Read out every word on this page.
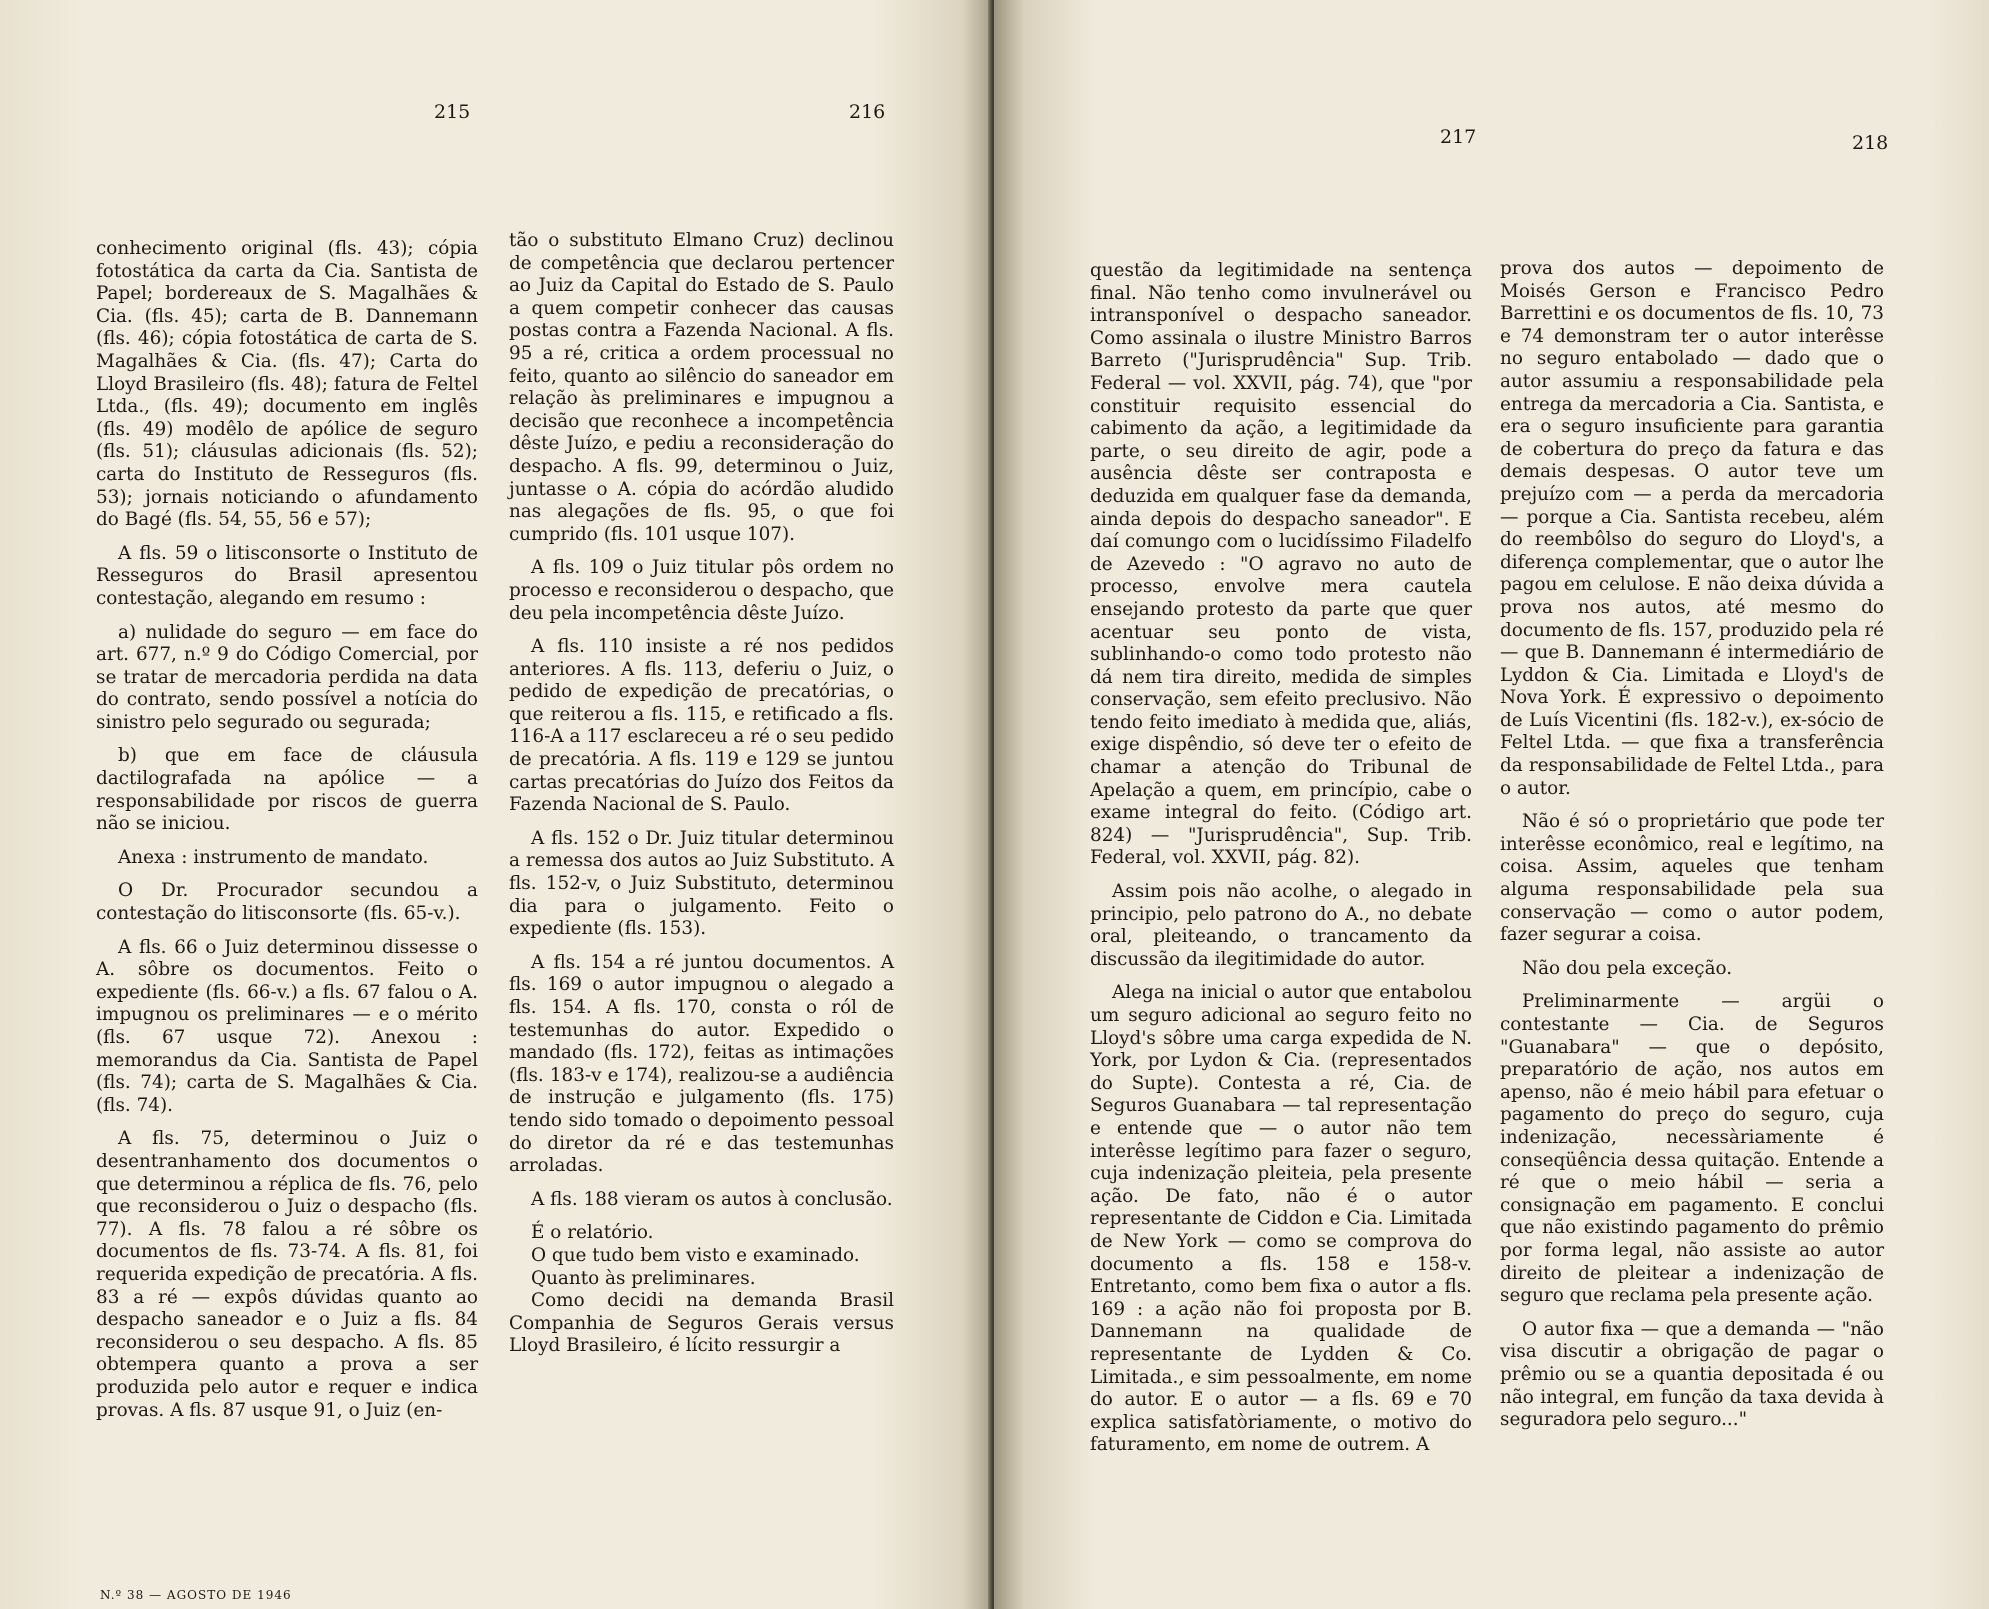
215	216

conhecimento original (fls. 43); cópia fotostática da carta da Cia. Santista de Papel; bordereaux de S. Magalhães & Cia. (fls. 45); carta de B. Dannemann (fls. 46); cópia fotostática de carta de S. Magalhães & Cia. (fls. 47); Carta do Lloyd Brasileiro (fls. 48); fatura de Feltel Ltda., (fls. 49); documento em inglês (fls. 49) modêlo de apólice de seguro (fls. 51); cláusulas adicionais (fls. 52); carta do Instituto de Resseguros (fls. 53); jornais noticiando o afundamento do Bagé (fls. 54, 55, 56 e 57);

A fls. 59 o litisconsorte o Instituto de Resseguros do Brasil apresentou contestação, alegando em resumo :

a) nulidade do seguro — em face do art. 677, n.º 9 do Código Comercial, por se tratar de mercadoria perdida na data do contrato, sendo possível a notícia do sinistro pelo segurado ou segurada;

b) que em face de cláusula dactilografada na apólice — a responsabilidade por riscos de guerra não se iniciou.

Anexa : instrumento de mandato.

O Dr. Procurador secundou a contestação do litisconsorte (fls. 65-v.).

A fls. 66 o Juiz determinou dissesse o A. sôbre os documentos. Feito o expediente (fls. 66-v.) a fls. 67 falou o A. impugnou os preliminares — e o mérito (fls. 67 usque 72). Anexou : memorandus da Cia. Santista de Papel (fls. 74); carta de S. Magalhães & Cia. (fls. 74).

A fls. 75, determinou o Juiz o desentranhamento dos documentos o que determinou a réplica de fls. 76, pelo que reconsiderou o Juiz o despacho (fls. 77). A fls. 78 falou a ré sôbre os documentos de fls. 73-74. A fls. 81, foi requerida expedição de precatória. A fls. 83 a ré — expôs dúvidas quanto ao despacho saneador e o Juiz a fls. 84 reconsiderou o seu despacho. A fls. 85 obtempera quanto a prova a ser produzida pelo autor e requer e indica provas. A fls. 87 usque 91, o Juiz (en-

tão o substituto Elmano Cruz) declinou de competência que declarou pertencer ao Juiz da Capital do Estado de S. Paulo a quem competir conhecer das causas postas contra a Fazenda Nacional. A fls. 95 a ré, critica a ordem processual no feito, quanto ao silêncio do saneador em relação às preliminares e impugnou a decisão que reconhece a incompetência dêste Juízo, e pediu a reconsideração do despacho. A fls. 99, determinou o Juiz, juntasse o A. cópia do acórdão aludido nas alegações de fls. 95, o que foi cumprido (fls. 101 usque 107).

A fls. 109 o Juiz titular pôs ordem no processo e reconsiderou o despacho, que deu pela incompetência dêste Juízo.

A fls. 110 insiste a ré nos pedidos anteriores. A fls. 113, deferiu o Juiz, o pedido de expedição de precatórias, o que reiterou a fls. 115, e retificado a fls. 116-A a 117 esclareceu a ré o seu pedido de precatória. A fls. 119 e 129 se juntou cartas precatórias do Juízo dos Feitos da Fazenda Nacional de S. Paulo.

A fls. 152 o Dr. Juiz titular determinou a remessa dos autos ao Juiz Substituto. A fls. 152-v, o Juiz Substituto, determinou dia para o julgamento. Feito o expediente (fls. 153).

A fls. 154 a ré juntou documentos. A fls. 169 o autor impugnou o alegado a fls. 154. A fls. 170, consta o ról de testemunhas do autor. Expedido o mandado (fls. 172), feitas as intimações (fls. 183-v e 174), realizou-se a audiência de instrução e julgamento (fls. 175) tendo sido tomado o depoimento pessoal do diretor da ré e das testemunhas arroladas.

A fls. 188 vieram os autos à conclusão.

É o relatório.

O que tudo bem visto e examinado.

Quanto às preliminares.

Como decidi na demanda Brasil Companhia de Seguros Gerais versus Lloyd Brasileiro, é lícito ressurgir a

N.º 38 — AGOSTO DE 1946
217	218

questão da legitimidade na sentença final. Não tenho como invulnerável ou intransponível o despacho saneador. Como assinala o ilustre Ministro Barros Barreto ("Jurisprudência" Sup. Trib. Federal — vol. XXVII, pág. 74), que "por constituir requisito essencial do cabimento da ação, a legitimidade da parte, o seu direito de agir, pode a ausência dêste ser contraposta e deduzida em qualquer fase da demanda, ainda depois do despacho saneador". E daí comungo com o lucidíssimo Filadelfo de Azevedo : "O agravo no auto de processo, envolve mera cautela ensejando protesto da parte que quer acentuar seu ponto de vista, sublinhando-o como todo protesto não dá nem tira direito, medida de simples conservação, sem efeito preclusivo. Não tendo feito imediato à medida que, aliás, exige dispêndio, só deve ter o efeito de chamar a atenção do Tribunal de Apelação a quem, em princípio, cabe o exame integral do feito. (Código art. 824) — "Jurisprudência", Sup. Trib. Federal, vol. XXVII, pág. 82).

Assim pois não acolhe, o alegado in principio, pelo patrono do A., no debate oral, pleiteando, o trancamento da discussão da ilegitimidade do autor.

Alega na inicial o autor que entabolou um seguro adicional ao seguro feito no Lloyd's sôbre uma carga expedida de N. York, por Lydon & Cia. (representados do Supte). Contesta a ré, Cia. de Seguros Guanabara — tal representação e entende que — o autor não tem interêsse legítimo para fazer o seguro, cuja indenização pleiteia, pela presente ação. De fato, não é o autor representante de Ciddon e Cia. Limitada de New York — como se comprova do documento a fls. 158 e 158-v. Entretanto, como bem fixa o autor a fls. 169 : a ação não foi proposta por B. Dannemann na qualidade de representante de Lydden & Co. Limitada., e sim pessoalmente, em nome do autor. E o autor — a fls. 69 e 70 explica satisfatòriamente, o motivo do faturamento, em nome de outrem. A

prova dos autos — depoimento de Moisés Gerson e Francisco Pedro Barrettini e os documentos de fls. 10, 73 e 74 demonstram ter o autor interêsse no seguro entabolado — dado que o autor assumiu a responsabilidade pela entrega da mercadoria a Cia. Santista, e era o seguro insuficiente para garantia de cobertura do preço da fatura e das demais despesas. O autor teve um prejuízo com — a perda da mercadoria — porque a Cia. Santista recebeu, além do reembôlso do seguro do Lloyd's, a diferença complementar, que o autor lhe pagou em celulose. E não deixa dúvida a prova nos autos, até mesmo do documento de fls. 157, produzido pela ré — que B. Dannemann é intermediário de Lyddon & Cia. Limitada e Lloyd's de Nova York. É expressivo o depoimento de Luís Vicentini (fls. 182-v.), ex-sócio de Feltel Ltda. — que fixa a transferência da responsabilidade de Feltel Ltda., para o autor.

Não é só o proprietário que pode ter interêsse econômico, real e legítimo, na coisa. Assim, aqueles que tenham alguma responsabilidade pela sua conservação — como o autor podem, fazer segurar a coisa.

Não dou pela exceção.

Preliminarmente — argüi o contestante — Cia. de Seguros "Guanabara" — que o depósito, preparatório de ação, nos autos em apenso, não é meio hábil para efetuar o pagamento do preço do seguro, cuja indenização, necessàriamente é conseqüência dessa quitação. Entende a ré que o meio hábil — seria a consignação em pagamento. E conclui que não existindo pagamento do prêmio por forma legal, não assiste ao autor direito de pleitear a indenização de seguro que reclama pela presente ação.

O autor fixa — que a demanda — "não visa discutir a obrigação de pagar o prêmio ou se a quantia depositada é ou não integral, em função da taxa devida à seguradora pelo seguro..."
